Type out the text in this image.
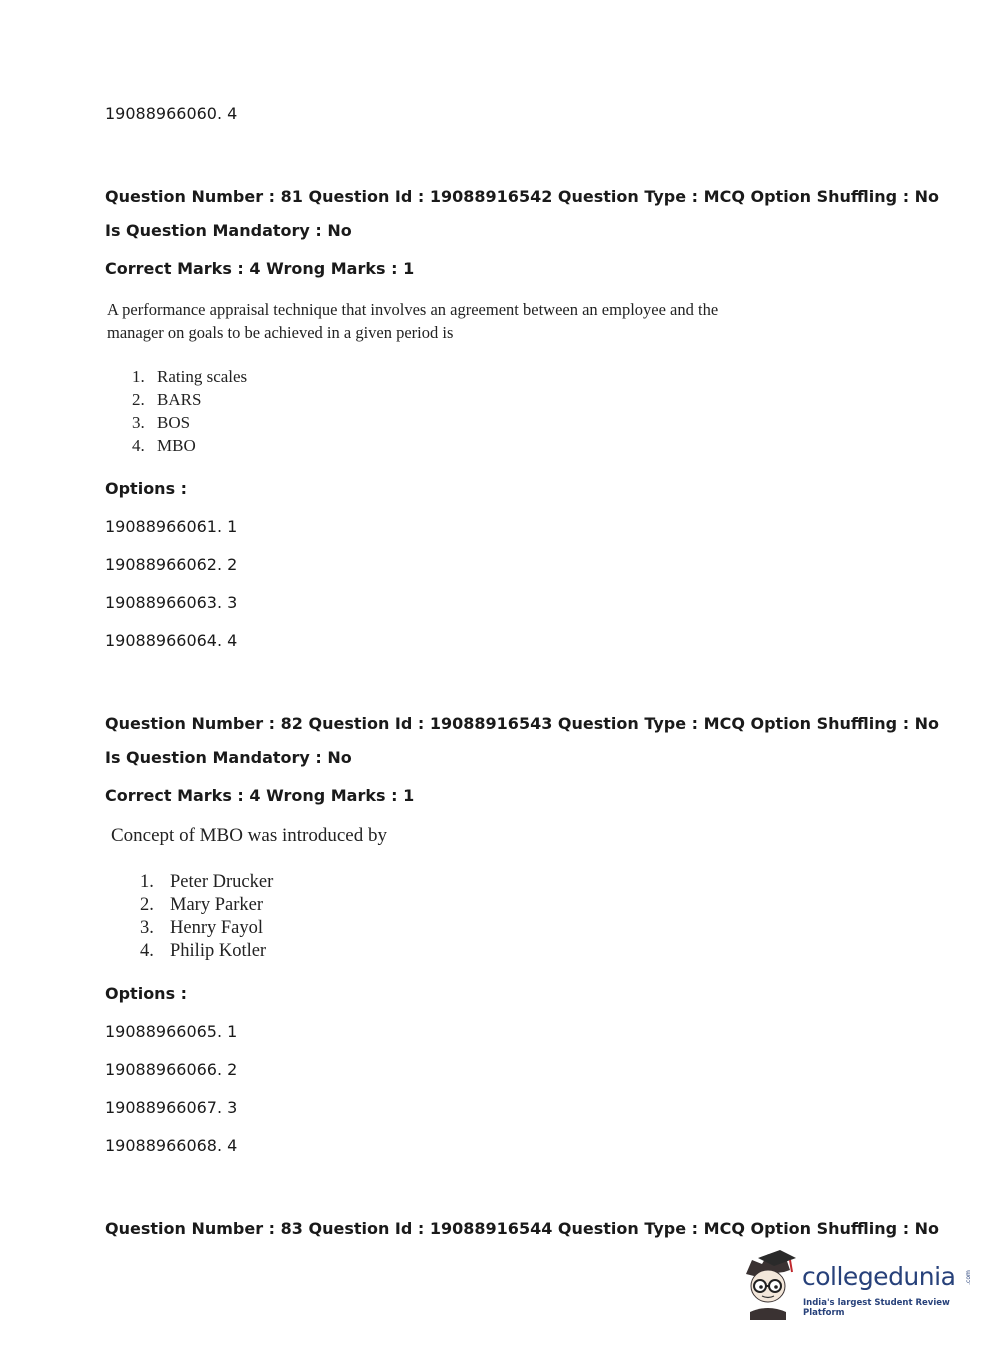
19088966060. 4
Question Number : 81 Question Id : 19088916542 Question Type : MCQ Option Shuffling : No
Is Question Mandatory : No
Correct Marks : 4 Wrong Marks : 1
A performance appraisal technique that involves an agreement between an employee and the
manager on goals to be achieved in a given period is
1. Rating scales
2. BARS
3. BOS
4. MBO
Options :
19088966061. 1
19088966062. 2
19088966063. 3
19088966064. 4
Question Number : 82 Question Id : 19088916543 Question Type : MCQ Option Shuffling : No
Is Question Mandatory : No
Correct Marks : 4 Wrong Marks : 1
Concept of MBO was introduced by
1. Peter Drucker
2. Mary Parker
3. Henry Fayol
4. Philip Kotler
Options :
19088966065. 1
19088966066. 2
19088966067. 3
19088966068. 4
Question Number : 83 Question Id : 19088916544 Question Type : MCQ Option Shuffling : No
collegedunia .com
India's largest Student Review Platform
